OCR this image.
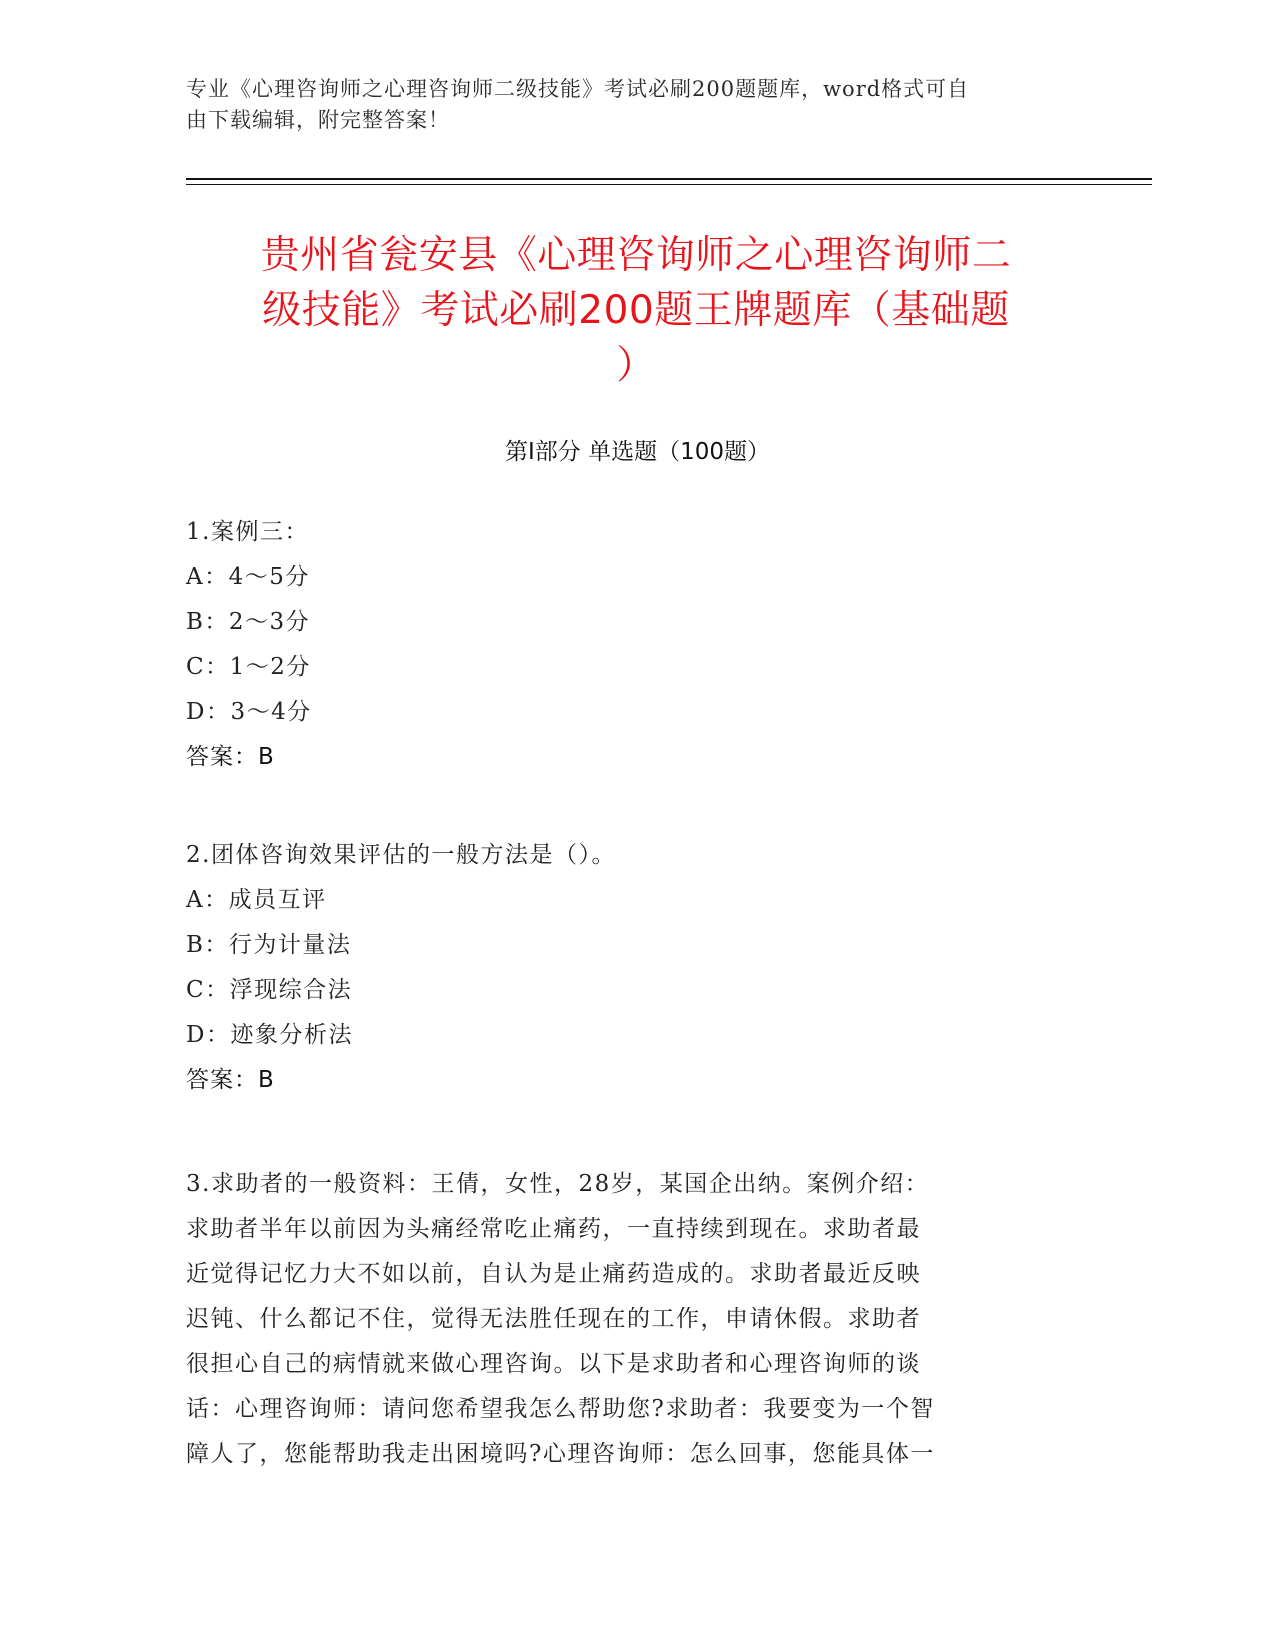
专业《心理咨询师之心理咨询师二级技能》考试必刷200题题库，word格式可自
由下载编辑，附完整答案！
贵州省瓮安县《心理咨询师之心理咨询师二
级技能》考试必刷200题王牌题库（基础题
）
第Ⅰ部分 单选题（100题）
1.案例三：
A：4～5分
B：2～3分
C：1～2分
D：3～4分
答案：B
2.团体咨询效果评估的一般方法是（）。
A：成员互评
B：行为计量法
C：浮现综合法
D：迹象分析法
答案：B
3.求助者的一般资料：王倩，女性，28岁，某国企出纳。案例介绍：
求助者半年以前因为头痛经常吃止痛药，一直持续到现在。求助者最
近觉得记忆力大不如以前，自认为是止痛药造成的。求助者最近反映
迟钝、什么都记不住，觉得无法胜任现在的工作，申请休假。求助者
很担心自己的病情就来做心理咨询。以下是求助者和心理咨询师的谈
话：心理咨询师：请问您希望我怎么帮助您?求助者：我要变为一个智
障人了，您能帮助我走出困境吗?心理咨询师：怎么回事，您能具体一
